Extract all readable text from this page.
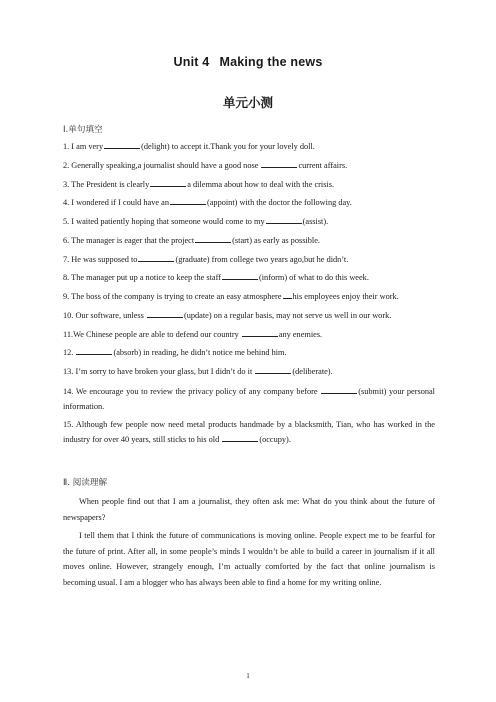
Unit 4 Making the news
单元小测
Ⅰ.单句填空
1. I am very	(delight) to accept it.Thank you for your lovely doll.
2. Generally speaking,a journalist should have a good nose	current affairs.
3. The President is clearly	a dilemma about how to deal with the crisis.
4. I wondered if I could have an	(appoint) with the doctor the following day.
5. I waited patiently hoping that someone would come to my	(assist).
6. The manager is eager that the project	(start) as early as possible.
7. He was supposed to	(graduate) from college two years ago,but he didn’t.
8. The manager put up a notice to keep the staff	(inform) of what to do this week.
9. The boss of the company is trying to create an easy atmosphere his employees enjoy their work.
10. Our software, unless	(update) on a regular basis, may not serve us well in our work.
11.We Chinese people are able to defend our country	any enemies.
12.	(absorb) in reading, he didn’t notice me behind him.
13. I’m sorry to have broken your glass, but I didn’t do it	(deliberate).
14. We encourage you to review the privacy policy of any company before	(submit) your personal information.
15. Although few people now need metal products handmade by a blacksmith, Tian, who has worked in the industry for over 40 years, still sticks to his old	(occupy).
Ⅱ. 阅读理解

When people find out that I am a journalist, they often ask me: What do you think about the future of newspapers?

I tell them that I think the future of communications is moving online. People expect me to be fearful for the future of print. After all, in some people’s minds I wouldn’t be able to build a career in journalism if it all moves online. However, strangely enough, I’m actually comforted by the fact that online journalism is becoming usual. I am a blogger who has always been able to find a home for my writing online.

1
